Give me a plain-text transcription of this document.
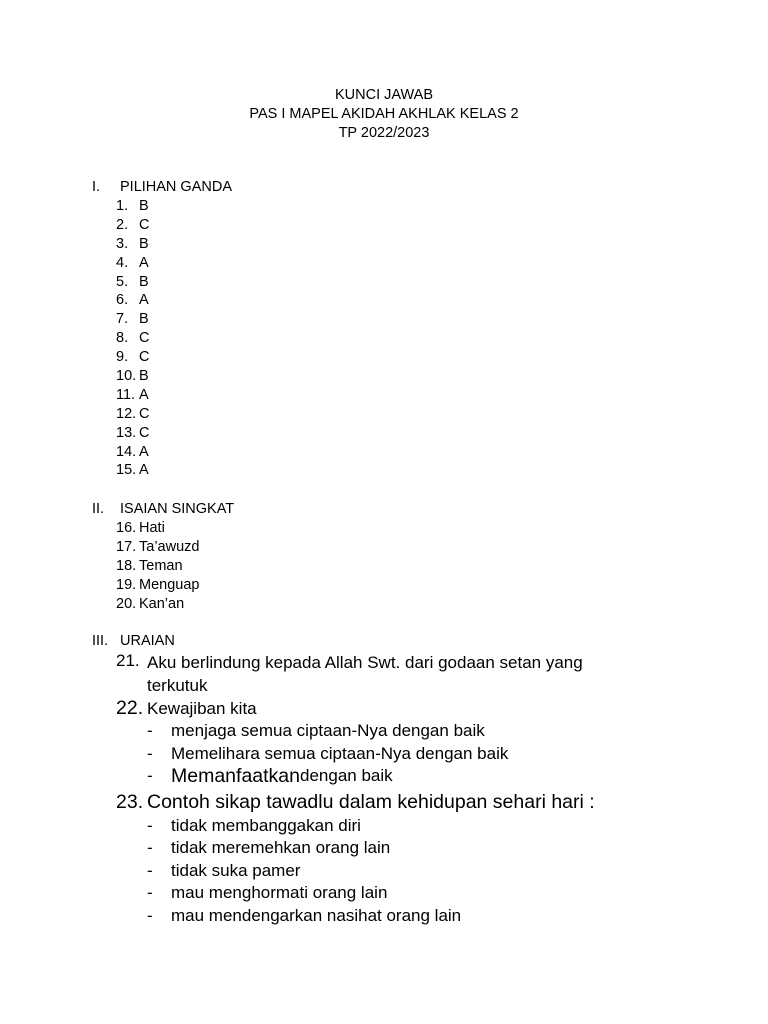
KUNCI JAWAB
PAS I MAPEL AKIDAH AKHLAK KELAS 2
TP 2022/2023
I. PILIHAN GANDA
1. B
2. C
3. B
4. A
5. B
6. A
7. B
8. C
9. C
10. B
11. A
12. C
13. C
14. A
15. A
II. ISAIAN SINGKAT
16. Hati
17. Ta’awuzd
18. Teman
19. Menguap
20. Kan’an
III. URAIAN
21. Aku berlindung kepada Allah Swt. dari godaan setan yang terkutuk
22. Kewajiban kita
-	menjaga semua ciptaan-Nya dengan baik
-	Memelihara semua ciptaan-Nya dengan baik
- Memanfaatkan dengan baik
23. Contoh sikap tawadlu dalam kehidupan sehari hari :
-	tidak membanggakan diri
-	tidak meremehkan orang lain
-	tidak suka pamer
-	mau menghormati orang lain
-	mau mendengarkan nasihat orang lain
